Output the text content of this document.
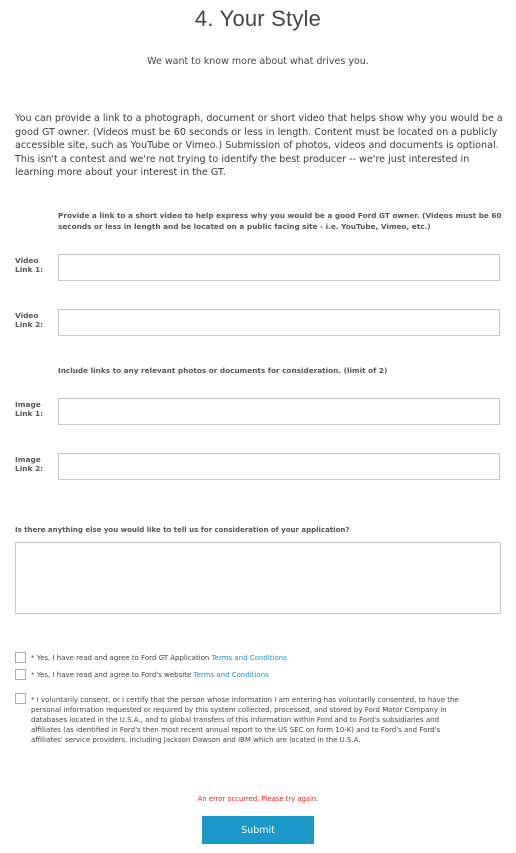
4. Your Style
We want to know more about what drives you.
You can provide a link to a photograph, document or short video that helps show why you would be a good GT owner. (Videos must be 60 seconds or less in length. Content must be located on a publicly accessible site, such as YouTube or Vimeo.) Submission of photos, videos and documents is optional. This isn't a contest and we're not trying to identify the best producer -- we're just interested in learning more about your interest in the GT.
Provide a link to a short video to help express why you would be a good Ford GT owner. (Videos must be 60 seconds or less in length and be located on a public facing site - i.e. YouTube, Vimeo, etc.)
Video Link 1:
Video Link 2:
Include links to any relevant photos or documents for consideration. (limit of 2)
Image Link 1:
Image Link 2:
Is there anything else you would like to tell us for consideration of your application?
* Yes, I have read and agree to Ford GT Application Terms and Conditions
* Yes, I have read and agree to Ford's website Terms and Conditions
* I voluntarily consent, or I certify that the person whose information I am entering has voluntarily consented, to have the personal information requested or required by this system collected, processed, and stored by Ford Motor Company in databases located in the U.S.A., and to global transfers of this information within Ford and to Ford's subsidiaries and affiliates (as identified in Ford's then most recent annual report to the US SEC on form 10-K) and to Ford's and Ford's affiliates' service providers, including Jackson Dawson and IBM which are located in the U.S.A.
An error occurred. Please try again.
Submit
